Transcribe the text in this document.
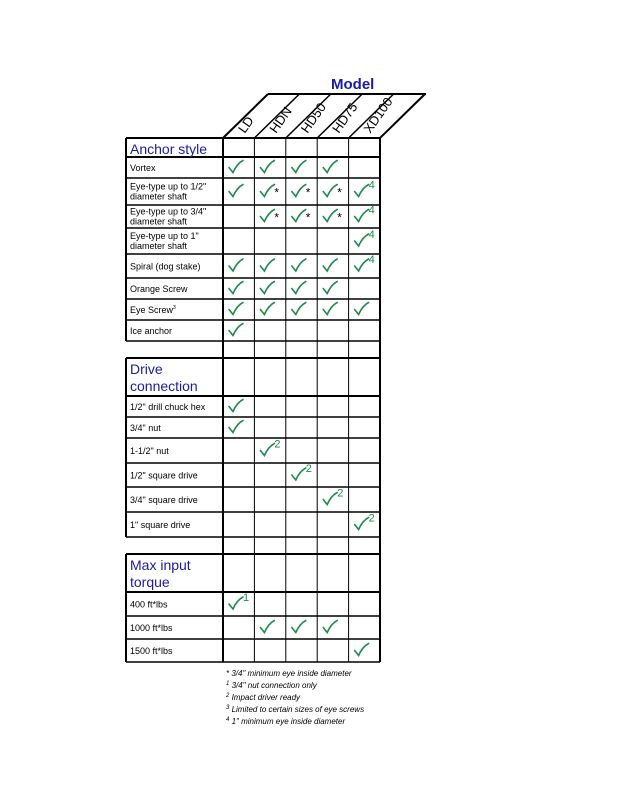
Model
LD HDN HD50 HD75 XD100
Anchor style
Vortex
Eye-type up to 1/2"
diameter shaft	* * * 4
Eye-type up to 3/4"
diameter shaft	* * * 4
Eye-type up to 1"
diameter shaft
4
Spiral (dog stake)
4
Orange Screw
Eye Screw$^3$
Ice anchor
Drive
connection
1/2" drill chuck hex
3/4" nut
1-1/2" nut
2
1/2" square drive
2
3/4" square drive
2
1" square drive
2
Max input
torque
400 ft*lbs
1
1000 ft*lbs
1500 ft*lbs
* 3/4" minimum eye inside diameter
$^1$ 3/4" nut connection only
$^2$ Impact driver ready
$^3$ Limited to certain sizes of eye screws
$^4$ 1" minimum eye inside diameter
